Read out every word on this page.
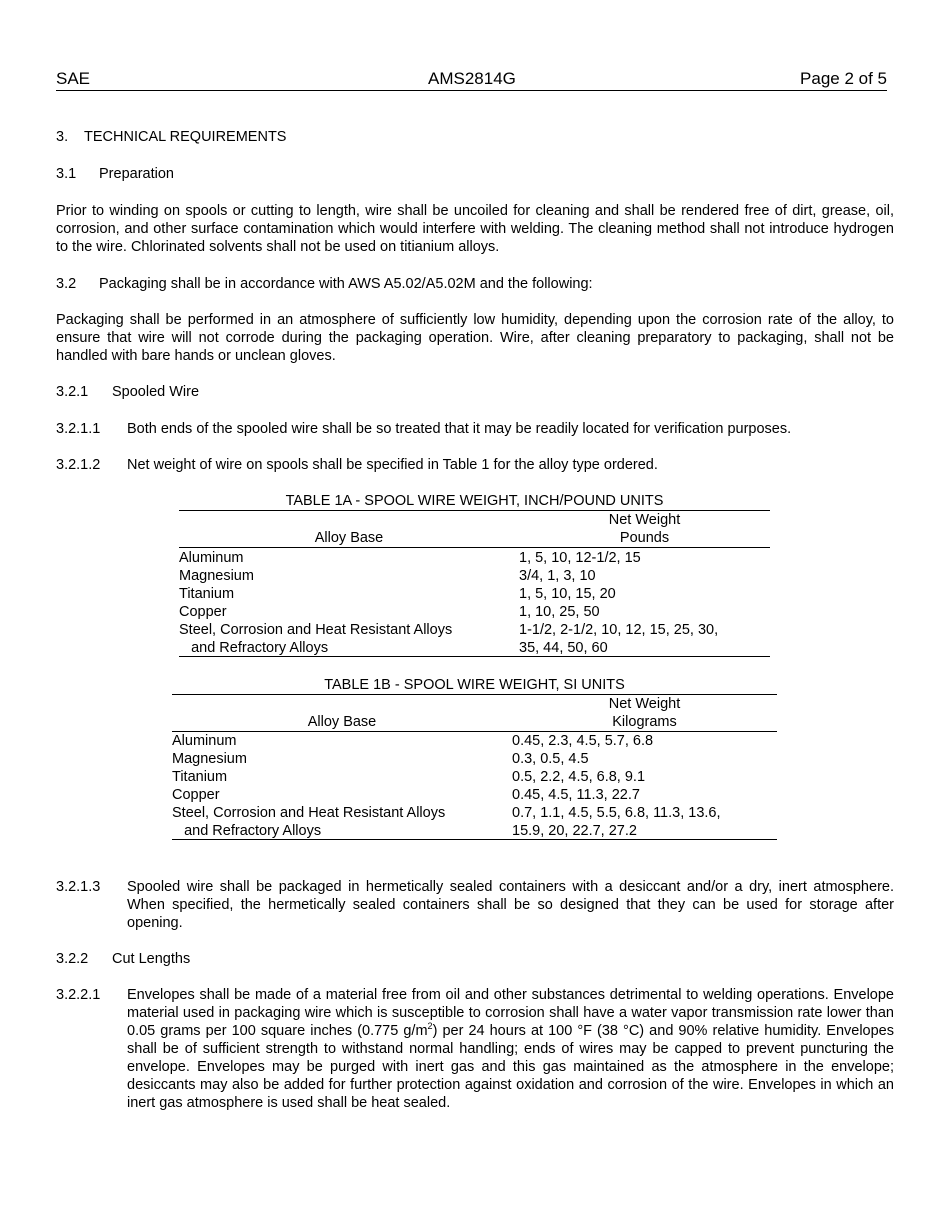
SAE	AMS2814G	Page 2 of 5
3. TECHNICAL REQUIREMENTS
3.1 Preparation
Prior to winding on spools or cutting to length, wire shall be uncoiled for cleaning and shall be rendered free of dirt, grease, oil, corrosion, and other surface contamination which would interfere with welding. The cleaning method shall not introduce hydrogen to the wire. Chlorinated solvents shall not be used on titianium alloys.
3.2 Packaging shall be in accordance with AWS A5.02/A5.02M and the following:
Packaging shall be performed in an atmosphere of sufficiently low humidity, depending upon the corrosion rate of the alloy, to ensure that wire will not corrode during the packaging operation. Wire, after cleaning preparatory to packaging, shall not be handled with bare hands or unclean gloves.
3.2.1 Spooled Wire
3.2.1.1 Both ends of the spooled wire shall be so treated that it may be readily located for verification purposes.
3.2.1.2 Net weight of wire on spools shall be specified in Table 1 for the alloy type ordered.
TABLE 1A - SPOOL WIRE WEIGHT, INCH/POUND UNITS
Net Weight
Alloy Base	Pounds
Aluminum	1, 5, 10, 12-1/2, 15
Magnesium	3/4, 1, 3, 10
Titanium	1, 5, 10, 15, 20
Copper	1, 10, 25, 50
Steel, Corrosion and Heat Resistant Alloys	1-1/2, 2-1/2, 10, 12, 15, 25, 30,
and Refractory Alloys	35, 44, 50, 60
TABLE 1B - SPOOL WIRE WEIGHT, SI UNITS
Net Weight
Alloy Base	Kilograms
Aluminum	0.45, 2.3, 4.5, 5.7, 6.8
Magnesium	0.3, 0.5, 4.5
Titanium	0.5, 2.2, 4.5, 6.8, 9.1
Copper	0.45, 4.5, 11.3, 22.7
Steel, Corrosion and Heat Resistant Alloys	0.7, 1.1, 4.5, 5.5, 6.8, 11.3, 13.6,
and Refractory Alloys	15.9, 20, 22.7, 27.2
3.2.1.3 Spooled wire shall be packaged in hermetically sealed containers with a desiccant and/or a dry, inert atmosphere. When specified, the hermetically sealed containers shall be so designed that they can be used for storage after opening.
3.2.2 Cut Lengths
3.2.2.1 Envelopes shall be made of a material free from oil and other substances detrimental to welding operations. Envelope material used in packaging wire which is susceptible to corrosion shall have a water vapor transmission rate lower than 0.05 grams per 100 square inches (0.775 $g/m^2$) per 24 hours at 100 °F (38 °C) and 90% relative humidity. Envelopes shall be of sufficient strength to withstand normal handling; ends of wires may be capped to prevent puncturing the envelope. Envelopes may be purged with inert gas and this gas maintained as the atmosphere in the envelope; desiccants may also be added for further protection against oxidation and corrosion of the wire. Envelopes in which an inert gas atmosphere is used shall be heat sealed.
